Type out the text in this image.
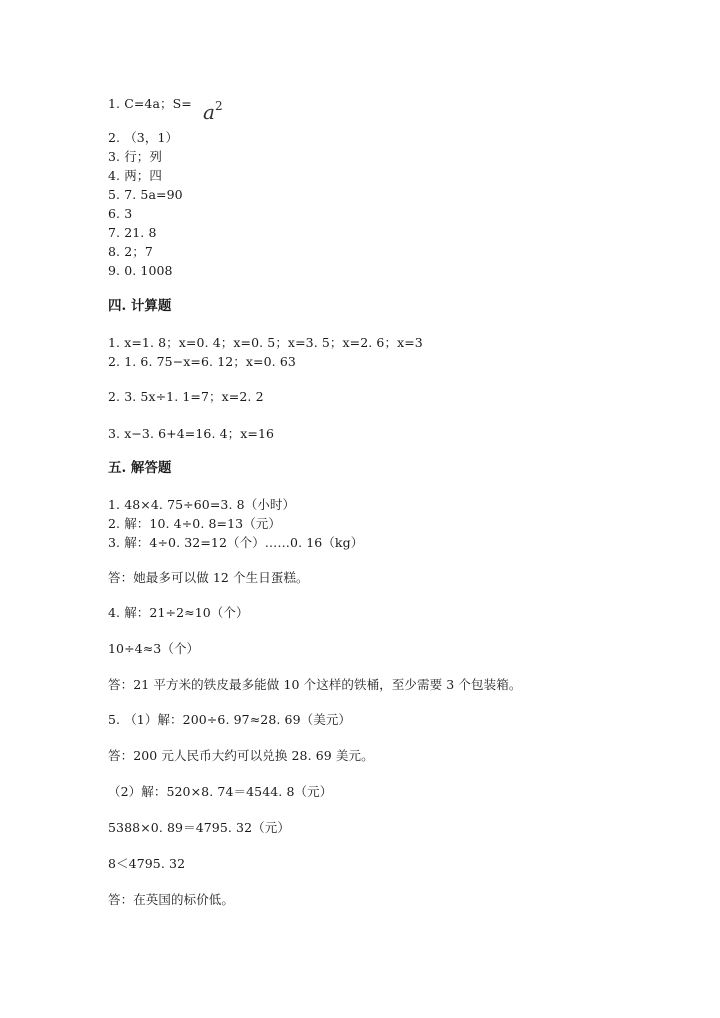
1. C=4a；$S= a^2$
2. （3，1）
3. 行；列
4. 两；四
5. 7. 5a=90
6. 3
7. 21. 8
8. 2；7
9. 0. 1008
四. 计算题
1. x=1. 8；x=0. 4；x=0. 5；x=3. 5；x=2. 6；x=3
2. 1. 6. 75−x=6. 12；x=0. 63
2. 3. 5x÷1. 1=7；x=2. 2
3. x−3. 6+4=16. 4；x=16
五. 解答题
1. 48×4. 75÷60=3. 8（小时）
2. 解：10. 4÷0. 8=13（元）
3. 解：4÷0. 32=12（个）……0. 16（kg）
答：她最多可以做 12 个生日蛋糕。
4. 解：21÷2≈10（个）
10÷4≈3（个）
答：21 平方米的铁皮最多能做 10 个这样的铁桶，至少需要 3 个包装箱。
5. （1）解：200÷6. 97≈28. 69（美元）
答：200 元人民币大约可以兑换 28. 69 美元。
（2）解：520×8. 74＝4544. 8（元）
5388×0. 89＝4795. 32（元）
8＜4795. 32
答：在英国的标价低。
